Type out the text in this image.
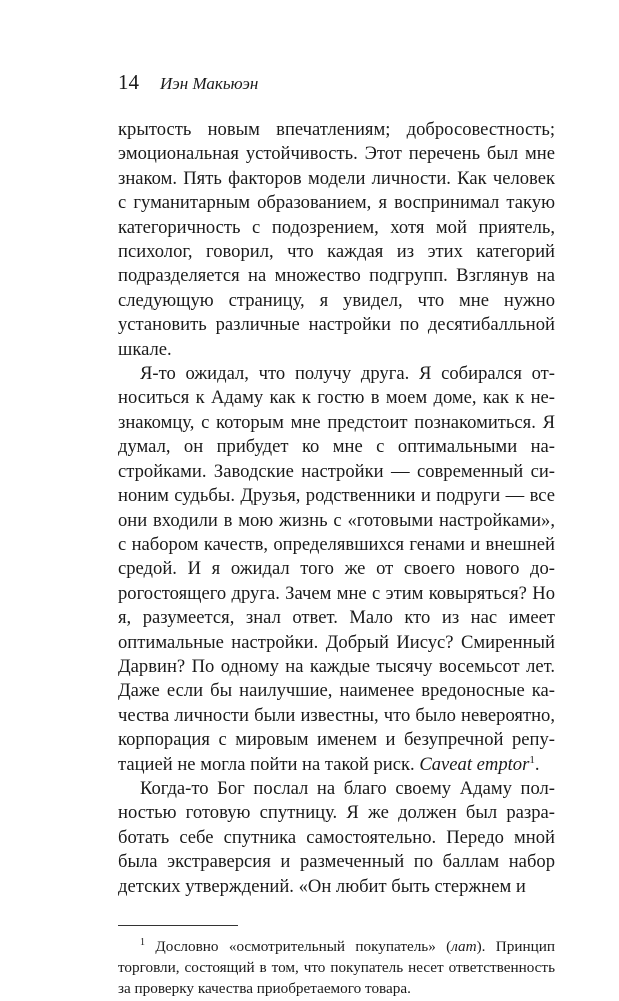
14	Иэн Макьюэн

крытость новым впечатлениям; добросовестность; эмоциональная устойчивость. Этот перечень был мне знаком. Пять факторов модели личности. Как человек с гуманитарным образованием, я воспринимал такую категоричность с подозрением, хотя мой приятель, психолог, говорил, что каждая из этих категорий подразделяется на множество подгрупп. Взглянув на следующую страницу, я увидел, что мне нужно установить различные настройки по десятибалльной шкале.

Я-то ожидал, что получу друга. Я собирался относиться к Адаму как к гостю в моем доме, как к незнакомцу, с которым мне предстоит познакомиться. Я думал, он прибудет ко мне с оптимальными настройками. Заводские настройки — современный синоним судьбы. Друзья, родственники и подруги — все они входили в мою жизнь с «готовыми настройками», с набором качеств, определявшихся генами и внешней средой. И я ожидал того же от своего нового дорогостоящего друга. Зачем мне с этим ковыряться? Но я, разумеется, знал ответ. Мало кто из нас имеет оптимальные настройки. Добрый Иисус? Смиренный Дарвин? По одному на каждые тысячу восемьсот лет. Даже если бы наилучшие, наименее вредоносные качества личности были известны, что было невероятно, корпорация с мировым именем и безупречной репутацией не могла пойти на такой риск. Caveat emptor$^1$.

Когда-то Бог послал на благо своему Адаму полностью готовую спутницу. Я же должен был разработать себе спутника самостоятельно. Передо мной была экстраверсия и размеченный по баллам набор детских утверждений. «Он любит быть стержнем и

$^1$ Дословно «осмотрительный покупатель» (лат). Принцип торговли, состоящий в том, что покупатель несет ответственность за проверку качества приобретаемого товара.
